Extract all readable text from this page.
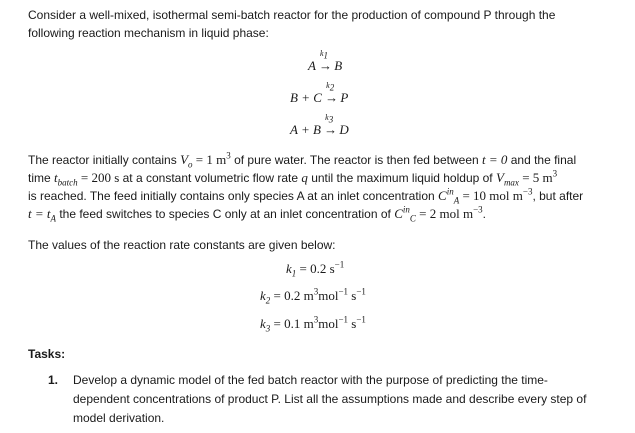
Consider a well-mixed, isothermal semi-batch reactor for the production of compound P through the
following reaction mechanism in liquid phase:
A →
$k_1$
B
B + C →
$k_2$
P
A + B →
$k_3$
D
The reactor initially contains $V_o = 1$ $m^3$ of pure water. The reactor is then fed between t = 0 and the final
time $t_{batch} = 200$ s at a constant volumetric flow rate q until the maximum liquid holdup of $V_{max} = 5$ $m^3$
is reached. The feed initially contains only species A at an inlet concentration $C^{in}_A = 10$ mol $m^{-3}$, but after
$t = t_A$ the feed switches to species C only at an inlet concentration of $C^{in}_C = 2$ mol $m^{-3}$.
The values of the reaction rate constants are given below:
$k_1 = 0.2$ $s^{-1}$
$k_2 = 0.2$ $m^3mol^{-1}$ $s^{-1}$
$k_3 = 0.1$ $m^3mol^{-1}$ $s^{-1}$
Tasks:
1. Develop a dynamic model of the fed batch reactor with the purpose of predicting the time-
dependent concentrations of product P. List all the assumptions made and describe every step of
model derivation.
